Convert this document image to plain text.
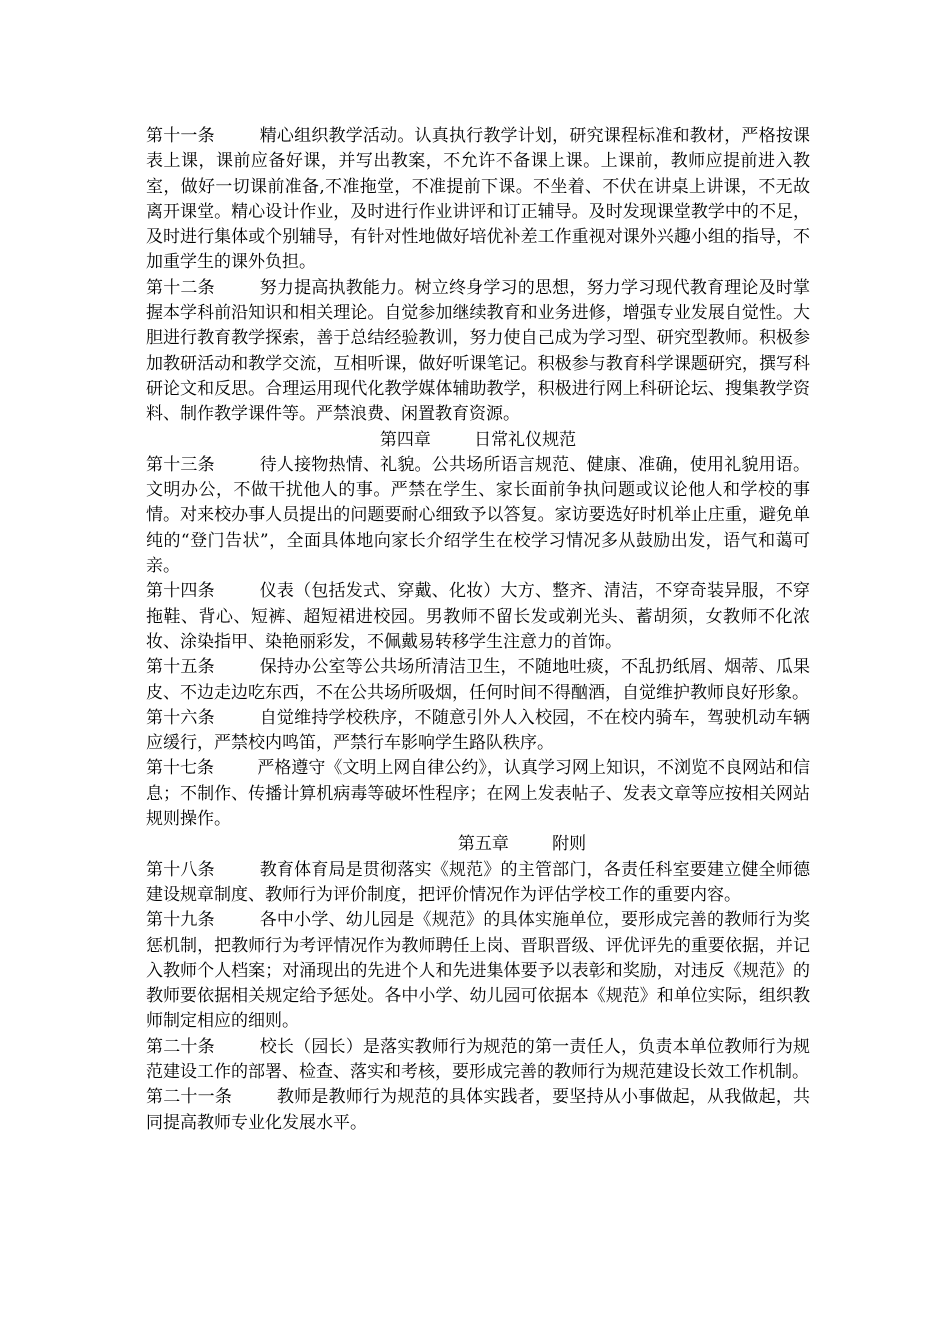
第十一条	精心组织教学活动。认真执行教学计划，研究课程标准和教材，严格按课表上课，课前应备好课，并写出教案，不允许不备课上课。上课前，教师应提前进入教室，做好一切课前准备,不准拖堂，不准提前下课。不坐着、不伏在讲桌上讲课，不无故离开课堂。精心设计作业，及时进行作业讲评和订正辅导。及时发现课堂教学中的不足，及时进行集体或个别辅导，有针对性地做好培优补差工作重视对课外兴趣小组的指导，不加重学生的课外负担。

第十二条	努力提高执教能力。树立终身学习的思想，努力学习现代教育理论及时掌握本学科前沿知识和相关理论。自觉参加继续教育和业务进修，增强专业发展自觉性。大胆进行教育教学探索，善于总结经验教训，努力使自己成为学习型、研究型教师。积极参加教研活动和教学交流，互相听课，做好听课笔记。积极参与教育科学课题研究，撰写科研论文和反思。合理运用现代化教学媒体辅助教学，积极进行网上科研论坛、搜集教学资料、制作教学课件等。严禁浪费、闲置教育资源。

第四章	日常礼仪规范

第十三条	待人接物热情、礼貌。公共场所语言规范、健康、准确，使用礼貌用语。文明办公，不做干扰他人的事。严禁在学生、家长面前争执问题或议论他人和学校的事情。对来校办事人员提出的问题要耐心细致予以答复。家访要选好时机举止庄重，避免单纯的“登门告状”，全面具体地向家长介绍学生在校学习情况多从鼓励出发，语气和蔼可亲。

第十四条	仪表（包括发式、穿戴、化妆）大方、整齐、清洁，不穿奇装异服，不穿拖鞋、背心、短裤、超短裙进校园。男教师不留长发或剃光头、蓄胡须，女教师不化浓妆、涂染指甲、染艳丽彩发，不佩戴易转移学生注意力的首饰。

第十五条	保持办公室等公共场所清洁卫生，不随地吐痰，不乱扔纸屑、烟蒂、瓜果皮、不边走边吃东西，不在公共场所吸烟，任何时间不得酗酒，自觉维护教师良好形象。

第十六条	自觉维持学校秩序，不随意引外人入校园，不在校内骑车，驾驶机动车辆应缓行，严禁校内鸣笛，严禁行车影响学生路队秩序。

第十七条	严格遵守《文明上网自律公约》，认真学习网上知识，不浏览不良网站和信息；不制作、传播计算机病毒等破坏性程序；在网上发表帖子、发表文章等应按相关网站规则操作。

第五章	附则

第十八条	教育体育局是贯彻落实《规范》的主管部门，各责任科室要建立健全师德建设规章制度、教师行为评价制度，把评价情况作为评估学校工作的重要内容。

第十九条	各中小学、幼儿园是《规范》的具体实施单位，要形成完善的教师行为奖惩机制，把教师行为考评情况作为教师聘任上岗、晋职晋级、评优评先的重要依据，并记入教师个人档案；对涌现出的先进个人和先进集体要予以表彰和奖励，对违反《规范》的教师要依据相关规定给予惩处。各中小学、幼儿园可依据本《规范》和单位实际，组织教师制定相应的细则。

第二十条	校长（园长）是落实教师行为规范的第一责任人，负责本单位教师行为规范建设工作的部署、检查、落实和考核，要形成完善的教师行为规范建设长效工作机制。

第二十一条	教师是教师行为规范的具体实践者，要坚持从小事做起，从我做起，共同提高教师专业化发展水平。
